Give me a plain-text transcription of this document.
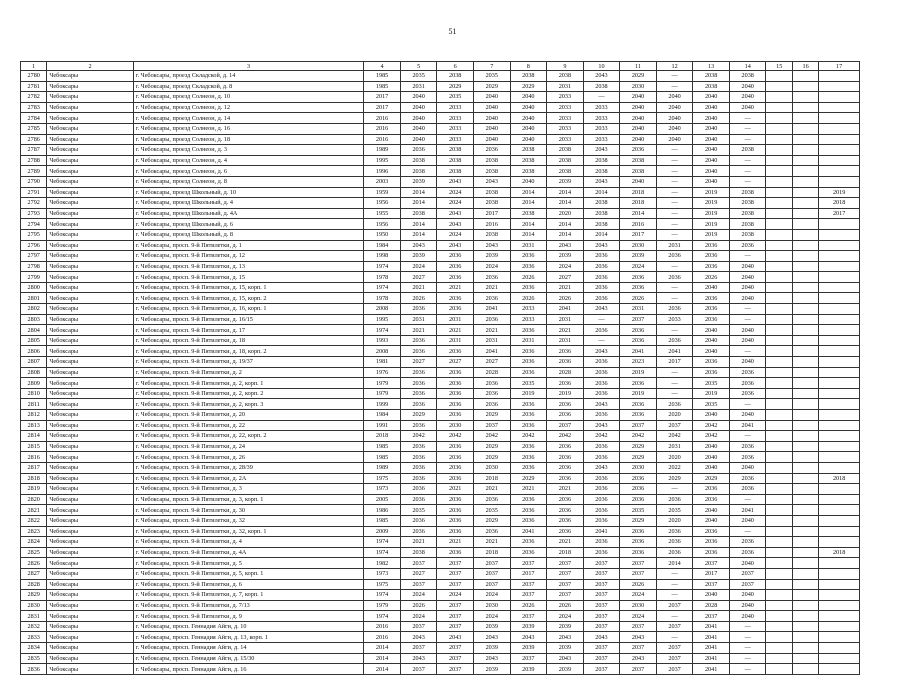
51
1	2	3	4	5	6	7	8	9	10	11	12	13	14	15	16	17
2780	Чебоксары	г. Чебоксары, проезд Складской, д. 14	1985	2035	2038	2035	2038	2038	2043	2029	—	2038	2038			
2781	Чебоксары	г. Чебоксары, проезд Складской, д. 8	1985	2031	2029	2029	2029	2031	2038	2030	—	2038	2040			
2782	Чебоксары	г. Чебоксары, проезд Солнеон, д. 10	2017	2040	2035	2040	2040	2033	—	2040	2040	2040	2040			
2783	Чебоксары	г. Чебоксары, проезд Солнеон, д. 12	2017	2040	2033	2040	2040	2033	2033	2040	2040	2040	2040			
2784	Чебоксары	г. Чебоксары, проезд Солнеон, д. 14	2016	2040	2033	2040	2040	2033	2033	2040	2040	2040	—			
2785	Чебоксары	г. Чебоксары, проезд Солнеон, д. 16	2016	2040	2033	2040	2040	2033	2033	2040	2040	2040	—			
2786	Чебоксары	г. Чебоксары, проезд Солнеон, д. 18	2016	2040	2033	2040	2040	2033	2033	2040	2040	2040	—			
2787	Чебоксары	г. Чебоксары, проезд Солнеон, д. 3	1989	2036	2038	2036	2038	2038	2043	2036	—	2040	2038			
2788	Чебоксары	г. Чебоксары, проезд Солнеон, д. 4	1995	2038	2038	2038	2038	2038	2038	2038	—	2040	—			
2789	Чебоксары	г. Чебоксары, проезд Солнеон, д. 6	1996	2038	2038	2038	2038	2038	2038	2038	—	2040	—			
2790	Чебоксары	г. Чебоксары, проезд Солнеон, д. 8	2003	2039	2043	2043	2040	2039	2043	2040	—	2040	—			
2791	Чебоксары	г. Чебоксары, проезд Школьный, д. 10	1959	2014	2024	2038	2014	2014	2014	2018	—	2019	2038			2019
2792	Чебоксары	г. Чебоксары, проезд Школьный, д. 4	1956	2014	2024	2038	2014	2014	2038	2018	—	2019	2038			2018
2793	Чебоксары	г. Чебоксары, проезд Школьный, д. 4А	1955	2038	2043	2017	2038	2020	2038	2014	—	2019	2038			2017
2794	Чебоксары	г. Чебоксары, проезд Школьный, д. 6	1956	2014	2043	2016	2014	2014	2038	2016	—	2019	2038			
2795	Чебоксары	г. Чебоксары, проезд Школьный, д. 8	1950	2014	2024	2038	2014	2014	2014	2017	—	2019	2038			
2796	Чебоксары	г. Чебоксары, просп. 9-й Пятилетки, д. 1	1984	2043	2043	2043	2031	2043	2043	2030	2031	2036	2036			
2797	Чебоксары	г. Чебоксары, просп. 9-й Пятилетки, д. 12	1998	2039	2036	2039	2036	2039	2036	2039	2036	2036	—			
2798	Чебоксары	г. Чебоксары, просп. 9-й Пятилетки, д. 13	1974	2024	2036	2024	2036	2024	2036	2024	—	2036	2040			
2799	Чебоксары	г. Чебоксары, просп. 9-й Пятилетки, д. 15	1978	2027	2036	2036	2026	2027	2036	2036	2036	2026	2040			
2800	Чебоксары	г. Чебоксары, просп. 9-й Пятилетки, д. 15, корп. 1	1974	2021	2021	2021	2036	2021	2036	2036	—	2040	2040			
2801	Чебоксары	г. Чебоксары, просп. 9-й Пятилетки, д. 15, корп. 2	1978	2026	2036	2036	2026	2026	2036	2026	—	2036	2040			
2802	Чебоксары	г. Чебоксары, просп. 9-й Пятилетки, д. 16, корп. 1	2008	2036	2036	2041	2033	2041	2043	2031	2036	2036	—			
2803	Чебоксары	г. Чебоксары, просп. 9-й Пятилетки, д. 16/15	1995	2031	2031	2036	2033	2031	—	2037	2033	2036	—			
2804	Чебоксары	г. Чебоксары, просп. 9-й Пятилетки, д. 17	1974	2021	2021	2021	2036	2021	2036	2036	—	2040	2040			
2805	Чебоксары	г. Чебоксары, просп. 9-й Пятилетки, д. 18	1993	2036	2031	2031	2031	2031	—	2036	2036	2040	2040			
2806	Чебоксары	г. Чебоксары, просп. 9-й Пятилетки, д. 18, корп. 2	2008	2036	2036	2041	2036	2036	2043	2041	2041	2040	—			
2807	Чебоксары	г. Чебоксары, просп. 9-й Пятилетки, д. 19/37	1981	2027	2027	2027	2036	2036	2036	2023	2017	2036	2040			
2808	Чебоксары	г. Чебоксары, просп. 9-й Пятилетки, д. 2	1976	2036	2036	2028	2036	2028	2036	2019	—	2036	2036			
2809	Чебоксары	г. Чебоксары, просп. 9-й Пятилетки, д. 2, корп. 1	1979	2036	2036	2036	2035	2036	2036	2036	—	2035	2036			
2810	Чебоксары	г. Чебоксары, просп. 9-й Пятилетки, д. 2, корп. 2	1979	2036	2036	2036	2019	2019	2036	2019	—	2019	2036			
2811	Чебоксары	г. Чебоксары, просп. 9-й Пятилетки, д. 2, корп. 3	1999	2036	2036	2036	2036	2036	2043	2036	2036	2035	—			
2812	Чебоксары	г. Чебоксары, просп. 9-й Пятилетки, д. 20	1984	2029	2036	2029	2036	2036	2036	2036	2020	2040	2040			
2813	Чебоксары	г. Чебоксары, просп. 9-й Пятилетки, д. 22	1991	2036	2030	2037	2036	2037	2043	2037	2037	2042	2041			
2814	Чебоксары	г. Чебоксары, просп. 9-й Пятилетки, д. 22, корп. 2	2018	2042	2042	2042	2042	2042	2042	2042	2042	2042	—			
2815	Чебоксары	г. Чебоксары, просп. 9-й Пятилетки, д. 24	1985	2036	2036	2029	2036	2036	2036	2029	2031	2040	2036			
2816	Чебоксары	г. Чебоксары, просп. 9-й Пятилетки, д. 26	1985	2036	2036	2029	2036	2036	2036	2029	2020	2040	2036			
2817	Чебоксары	г. Чебоксары, просп. 9-й Пятилетки, д. 28/39	1989	2036	2036	2030	2036	2036	2043	2030	2022	2040	2040			
2818	Чебоксары	г. Чебоксары, просп. 9-й Пятилетки, д. 2А	1975	2036	2036	2018	2029	2036	2036	2036	2029	2029	2036			2018
2819	Чебоксары	г. Чебоксары, просп. 9-й Пятилетки, д. 3	1973	2036	2021	2021	2021	2021	2036	2036	—	2036	2036			
2820	Чебоксары	г. Чебоксары, просп. 9-й Пятилетки, д. 3, корп. 1	2005	2036	2036	2036	2036	2036	2036	2036	2036	2036	—			
2821	Чебоксары	г. Чебоксары, просп. 9-й Пятилетки, д. 30	1986	2035	2036	2035	2036	2036	2036	2035	2035	2040	2041			
2822	Чебоксары	г. Чебоксары, просп. 9-й Пятилетки, д. 32	1985	2036	2036	2029	2036	2036	2036	2029	2020	2040	2040			
2823	Чебоксары	г. Чебоксары, просп. 9-й Пятилетки, д. 32, корп. 1	2009	2036	2036	2036	2041	2036	2041	2036	2036	2036	—			
2824	Чебоксары	г. Чебоксары, просп. 9-й Пятилетки, д. 4	1974	2021	2021	2021	2036	2021	2036	2036	2036	2036	2036			
2825	Чебоксары	г. Чебоксары, просп. 9-й Пятилетки, д. 4А	1974	2038	2036	2018	2036	2018	2036	2036	2036	2036	2036			2018
2826	Чебоксары	г. Чебоксары, просп. 9-й Пятилетки, д. 5	1982	2037	2037	2037	2037	2037	2037	2037	2014	2037	2040			
2827	Чебоксары	г. Чебоксары, просп. 9-й Пятилетки, д. 5, корп. 1	1973	2027	2037	2037	2017	2037	2037	2037	—	2017	2037			
2828	Чебоксары	г. Чебоксары, просп. 9-й Пятилетки, д. 6	1975	2037	2037	2037	2037	2037	2037	2026	—	2037	2037			
2829	Чебоксары	г. Чебоксары, просп. 9-й Пятилетки, д. 7, корп. 1	1974	2024	2024	2024	2037	2037	2037	2024	—	2040	2040			
2830	Чебоксары	г. Чебоксары, просп. 9-й Пятилетки, д. 7/13	1979	2026	2037	2030	2026	2026	2037	2030	2037	2028	2040			
2831	Чебоксары	г. Чебоксары, просп. 9-й Пятилетки, д. 9	1974	2024	2037	2024	2037	2024	2037	2024	—	2037	2040			
2832	Чебоксары	г. Чебоксары, просп. Геннадия Айги, д. 10	2016	2037	2037	2039	2039	2039	2037	2037	2037	2041	—			
2833	Чебоксары	г. Чебоксары, просп. Геннадия Айги, д. 13, корп. 1	2016	2043	2043	2043	2043	2043	2043	2043	—	2041	—			
2834	Чебоксары	г. Чебоксары, просп. Геннадия Айги, д. 14	2014	2037	2037	2039	2039	2039	2037	2037	2037	2041	—			
2835	Чебоксары	г. Чебоксары, просп. Геннадия Айги, д. 15/30	2014	2043	2037	2043	2037	2043	2037	2043	2037	2041	—			
2836	Чебоксары	г. Чебоксары, просп. Геннадия Айги, д. 16	2014	2037	2037	2039	2039	2039	2037	2037	2037	2041	—			
